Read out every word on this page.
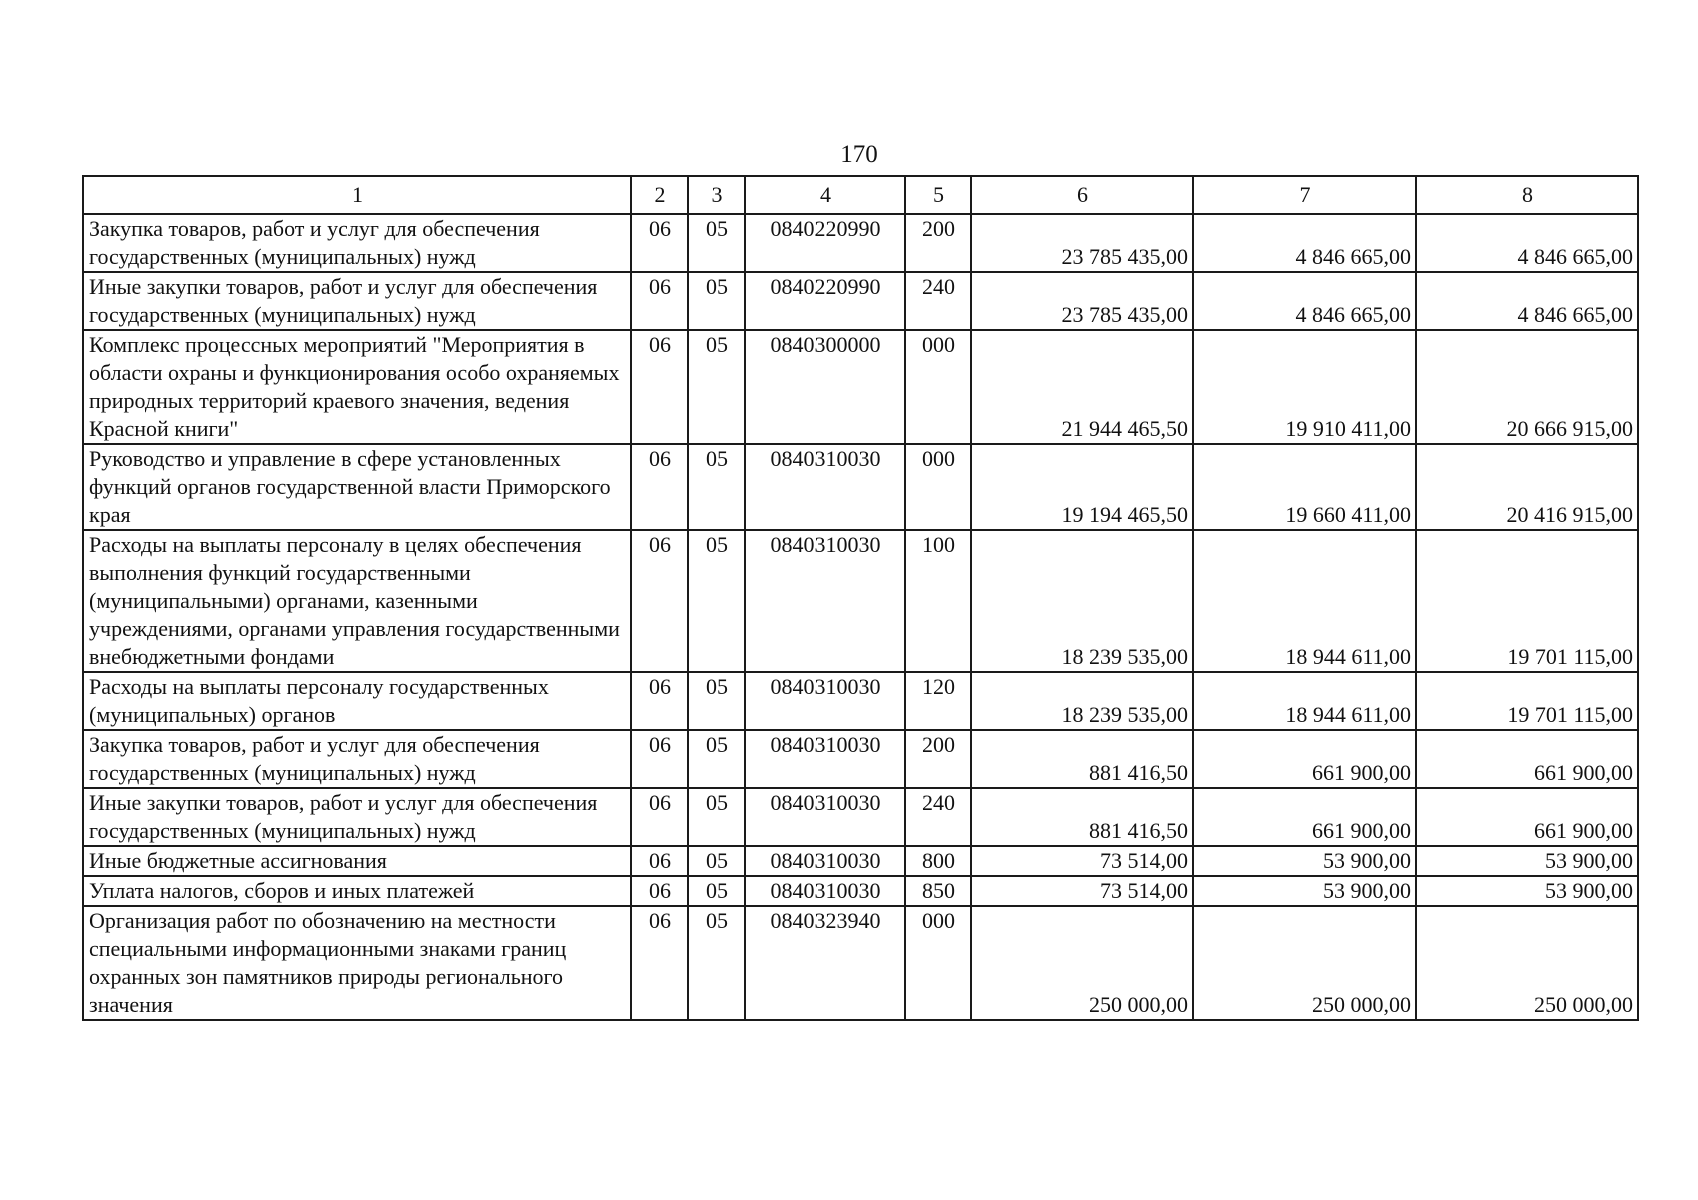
170
1	2	3	4	5	6	7	8
Закупка товаров, работ и услуг для обеспечения государственных (муниципальных) нужд	06	05	0840220990	200	23 785 435,00	4 846 665,00	4 846 665,00
Иные закупки товаров, работ и услуг для обеспечения государственных (муниципальных) нужд	06	05	0840220990	240	23 785 435,00	4 846 665,00	4 846 665,00
Комплекс процессных мероприятий "Мероприятия в области охраны и функционирования особо охраняемых природных территорий краевого значения, ведения Красной книги"	06	05	0840300000	000	21 944 465,50	19 910 411,00	20 666 915,00
Руководство и управление в сфере установленных функций органов государственной власти Приморского края	06	05	0840310030	000	19 194 465,50	19 660 411,00	20 416 915,00
Расходы на выплаты персоналу в целях обеспечения выполнения функций государственными (муниципальными) органами, казенными учреждениями, органами управления государственными внебюджетными фондами	06	05	0840310030	100	18 239 535,00	18 944 611,00	19 701 115,00
Расходы на выплаты персоналу государственных (муниципальных) органов	06	05	0840310030	120	18 239 535,00	18 944 611,00	19 701 115,00
Закупка товаров, работ и услуг для обеспечения государственных (муниципальных) нужд	06	05	0840310030	200	881 416,50	661 900,00	661 900,00
Иные закупки товаров, работ и услуг для обеспечения государственных (муниципальных) нужд	06	05	0840310030	240	881 416,50	661 900,00	661 900,00
Иные бюджетные ассигнования	06	05	0840310030	800	73 514,00	53 900,00	53 900,00
Уплата налогов, сборов и иных платежей	06	05	0840310030	850	73 514,00	53 900,00	53 900,00
Организация работ по обозначению на местности специальными информационными знаками границ охранных зон памятников природы регионального значения	06	05	0840323940	000	250 000,00	250 000,00	250 000,00
